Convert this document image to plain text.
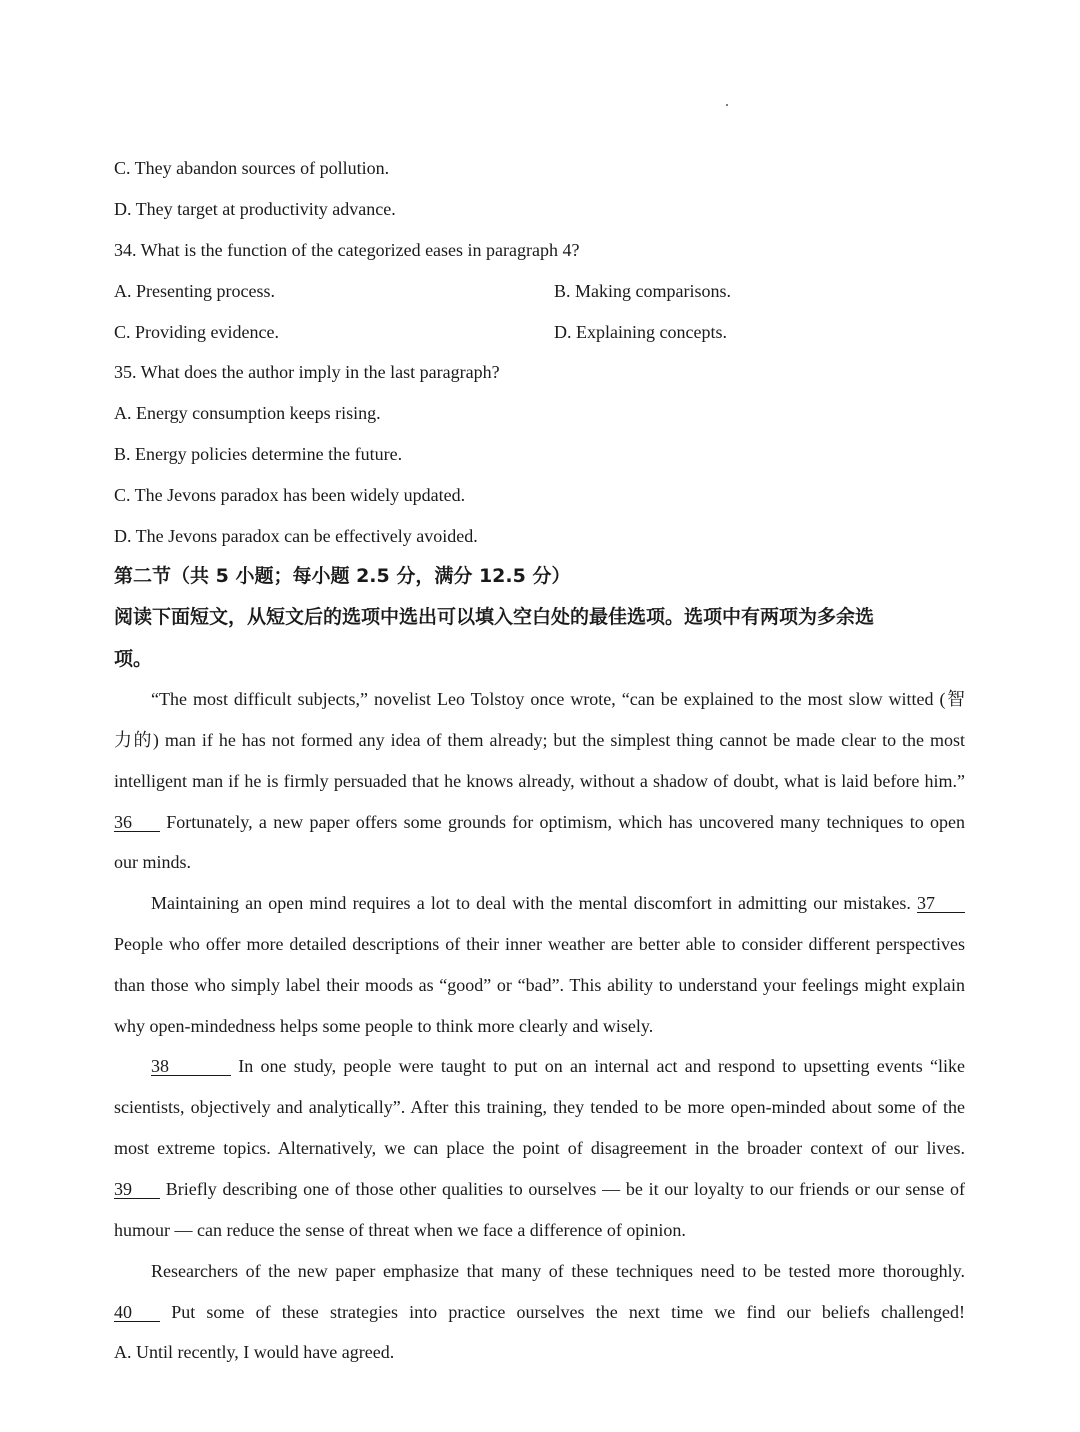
C. They abandon sources of pollution.
D. They target at productivity advance.
34. What is the function of the categorized eases in paragraph 4?
A. Presenting process.	B. Making comparisons.
C. Providing evidence.	D. Explaining concepts.
35. What does the author imply in the last paragraph?
A. Energy consumption keeps rising.
B. Energy policies determine the future.
C. The Jevons paradox has been widely updated.
D. The Jevons paradox can be effectively avoided.
第二节（共 5 小题；每小题 2.5 分，满分 12.5 分）
阅读下面短文，从短文后的选项中选出可以填入空白处的最佳选项。选项中有两项为多余选
项。
“The most difficult subjects,” novelist Leo Tolstoy once wrote, “can be explained to the most slow witted (智
力的) man if he has not formed any idea of them already; but the simplest thing cannot be made clear to the most
intelligent man if he is firmly persuaded that he knows already, without a shadow of doubt, what is laid before him.”
36 Fortunately, a new paper offers some grounds for optimism, which has uncovered many techniques to open
our minds.
Maintaining an open mind requires a lot to deal with the mental discomfort in admitting our mistakes. 37
People who offer more detailed descriptions of their inner weather are better able to consider different perspectives
than those who simply label their moods as “good” or “bad”. This ability to understand your feelings might explain
why open-mindedness helps some people to think more clearly and wisely.
38	In one study, people were taught to put on an internal act and respond to upsetting events “like
scientists, objectively and analytically”. After this training, they tended to be more open-minded about some of the
most extreme topics. Alternatively, we can place the point of disagreement in the broader context of our lives.
39 Briefly describing one of those other qualities to ourselves — be it our loyalty to our friends or our sense of
humour — can reduce the sense of threat when we face a difference of opinion.
Researchers of the new paper emphasize that many of these techniques need to be tested more thoroughly.
40 Put some of these strategies into practice ourselves the next time we find our beliefs challenged!
A. Until recently, I would have agreed.
